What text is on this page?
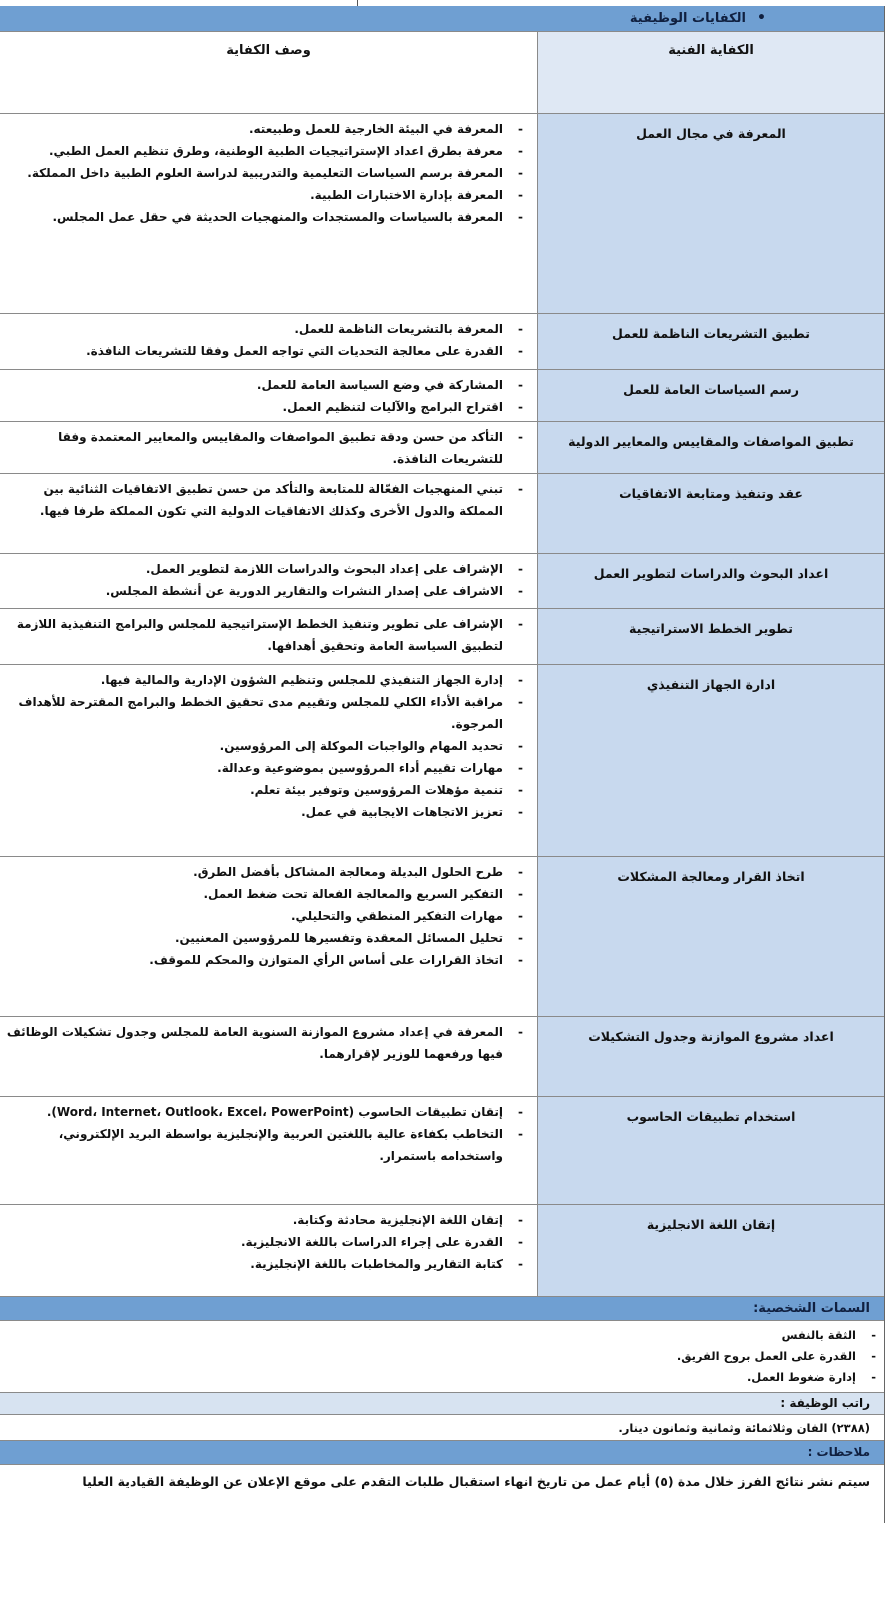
•
الكفايات الوظيفية
الكفاية الفنية
وصف الكفاية
المعرفة في مجال العمل
- المعرفة في البيئة الخارجية للعمل وطبيعته.
- معرفة بطرق اعداد الإستراتيجيات الطبية الوطنية، وطرق تنظيم العمل الطبي.
- المعرفة برسم السياسات التعليمية والتدريبية لدراسة العلوم الطبية داخل المملكة.
- المعرفة بإدارة الاختبارات الطبية.
- المعرفة بالسياسات والمستجدات والمنهجيات الحديثة في حقل عمل المجلس.
تطبيق التشريعات الناظمة للعمل
- المعرفة بالتشريعات الناظمة للعمل.
- القدرة على معالجة التحديات التي تواجه العمل وفقا للتشريعات النافذة.
رسم السياسات العامة للعمل
- المشاركة في وضع السياسة العامة للعمل.
- اقتراح البرامج والآليات لتنظيم العمل.
تطبيق المواصفات والمقاييس والمعايير الدولية
- التأكد من حسن ودقة تطبيق المواصفات والمقاييس والمعايير المعتمدة وفقا للتشريعات النافذة.
عقد وتنفيذ ومتابعة الاتفاقيات
- تبني المنهجيات الفعّالة للمتابعة والتأكد من حسن تطبيق الاتفاقيات الثنائية بين المملكة والدول الأخرى وكذلك الاتفاقيات الدولية التي تكون المملكة طرفا فيها.
اعداد البحوث والدراسات لتطوير العمل
- الإشراف على إعداد البحوث والدراسات اللازمة لتطوير العمل.
- الاشراف على إصدار النشرات والتقارير الدورية عن أنشطة المجلس.
تطوير الخطط الاستراتيجية
- الإشراف على تطوير وتنفيذ الخطط الإستراتيجية للمجلس والبرامج التنفيذية اللازمة لتطبيق السياسة العامة وتحقيق أهدافها.
ادارة الجهاز التنفيذي
- إدارة الجهاز التنفيذي للمجلس وتنظيم الشؤون الإدارية والمالية فيها.
- مراقبة الأداء الكلي للمجلس وتقييم مدى تحقيق الخطط والبرامج المقترحة للأهداف المرجوة.
- تحديد المهام والواجبات الموكلة إلى المرؤوسين.
- مهارات تقييم أداء المرؤوسين بموضوعية وعدالة.
- تنمية مؤهلات المرؤوسين وتوفير بيئة تعلم.
- تعزيز الاتجاهات الايجابية في عمل.
اتخاذ القرار ومعالجة المشكلات
- طرح الحلول البديلة ومعالجة المشاكل بأفضل الطرق.
- التفكير السريع والمعالجة الفعالة تحت ضغط العمل.
- مهارات التفكير المنطقي والتحليلي.
- تحليل المسائل المعقدة وتفسيرها للمرؤوسين المعنيين.
- اتخاذ القرارات على أساس الرأي المتوازن والمحكم للموقف.
اعداد مشروع الموازنة وجدول التشكيلات
- المعرفة في إعداد مشروع الموازنة السنوية العامة للمجلس وجدول تشكيلات الوظائف فيها ورفعهما للوزير لإقرارهما.
استخدام تطبيقات الحاسوب
- إتقان تطبيقات الحاسوب (Word، Internet، Outlook، Excel، PowerPoint).
- التخاطب بكفاءة عالية باللغتين العربية والإنجليزية بواسطة البريد الإلكتروني، واستخدامه باستمرار.
إتقان اللغة الانجليزية
- إتقان اللغة الإنجليزية محادثة وكتابة.
- القدرة على إجراء الدراسات باللغة الانجليزية.
- كتابة التقارير والمخاطبات باللغة الإنجليزية.
السمات الشخصية:
- الثقة بالنفس
- القدرة على العمل بروح الفريق.
- إدارة ضغوط العمل.
راتب الوظيفة :
(٢٣٨٨) الفان وثلاثمائة وثمانية وثمانون دينار.
ملاحظات :
سيتم نشر نتائج الفرز خلال مدة (٥) أيام عمل من تاريخ انهاء استقبال طلبات التقدم على موقع الإعلان عن الوظيفة القيادية العليا
